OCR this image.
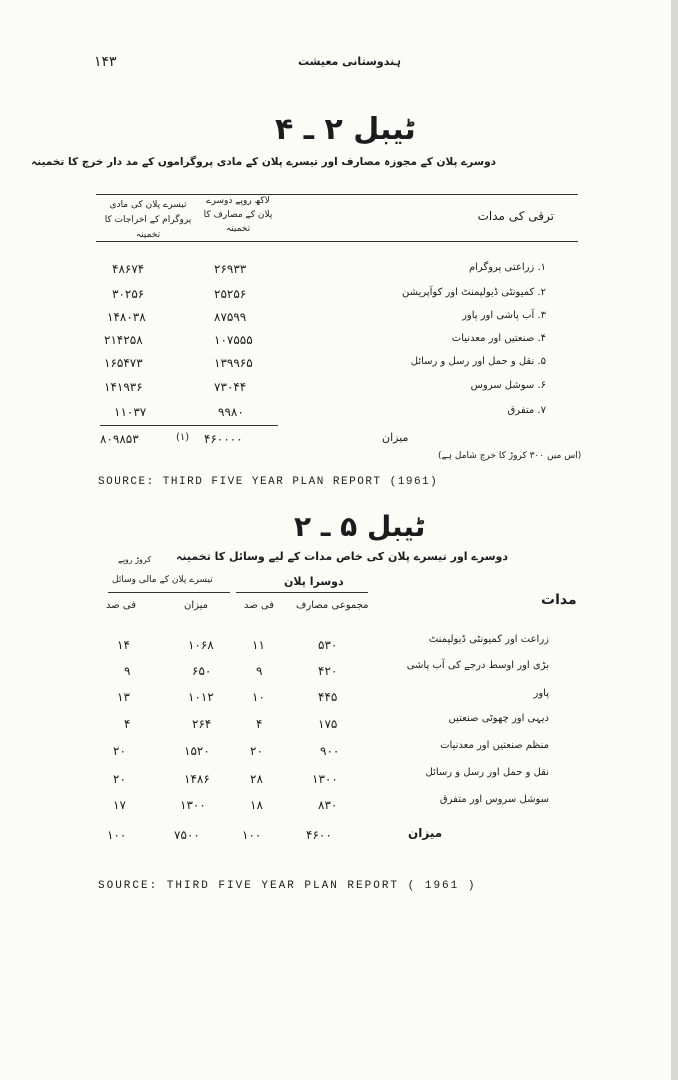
۱۴۳	ہندوستانی معیشت
ٹیبل ۲ ـ ۴
دوسرے پلان کے مجوزہ مصارف اور تیسرے پلان کے مادی پروگراموں کے مد دار خرچ کا تخمینہ
ترقی کی مدات
لاکھ روپے دوسرے پلان کے مصارف کا تخمینہ
تیسرے پلان کی مادی پروگرام کے اخراجات کا تخمینہ
۱. زراعتی پروگرام
۲۶۹۳۳
۴۸۶۷۴
۲. کمیونٹی ڈیولپمنٹ اور کوآپریشن
۲۵۲۵۶
۳۰۲۵۶
۳. آب پاشی اور پاور
۸۷۵۹۹
۱۴۸۰۳۸
۴. صنعتیں اور معدنیات
۱۰۷۵۵۵
۲۱۴۲۵۸
۵. نقل و حمل اور رسل و رسائل
۱۳۹۹۶۵
۱۶۵۴۷۳
۶. سوشل سروس
۷۳۰۴۴
۱۴۱۹۳۶
۷. متفرق
۹۹۸۰
۱۱۰۳۷
میزان
۴۶۰۰۰۰
(۱)
۸۰۹۸۵۳
(اس میں ۳۰۰ کروڑ کا خرچ شامل ہے)
SOURCE: THIRD FIVE YEAR PLAN REPORT (1961)
ٹیبل ۵ ـ ۲
دوسرے اور تیسرے پلان کی خاص مدات کے لیے وسائل کا تخمینہ
کروڑ روپے
دوسرا پلان
تیسرے پلان کے مالی وسائل
مدات
مجموعی مصارف
فی صد
میزان
فی صد
زراعت اور کمیونٹی ڈیولپمنٹ
۵۳۰
۱۱
۱۰۶۸
۱۴
بڑی اور اوسط درجے کی آب پاشی
۴۲۰
۹
۶۵۰
۹
پاور
۴۴۵
۱۰
۱۰۱۲
۱۳
دیہی اور چھوٹی صنعتیں
۱۷۵
۴
۲۶۴
۴
منظم صنعتیں اور معدنیات
۹۰۰
۲۰
۱۵۲۰
۲۰
نقل و حمل اور رسل و رسائل
۱۳۰۰
۲۸
۱۴۸۶
۲۰
سوشل سروس اور متفرق
۸۳۰
۱۸
۱۳۰۰
۱۷
میزان
۴۶۰۰
۱۰۰
۷۵۰۰
۱۰۰
SOURCE: THIRD FIVE YEAR PLAN REPORT ( 1961 )
